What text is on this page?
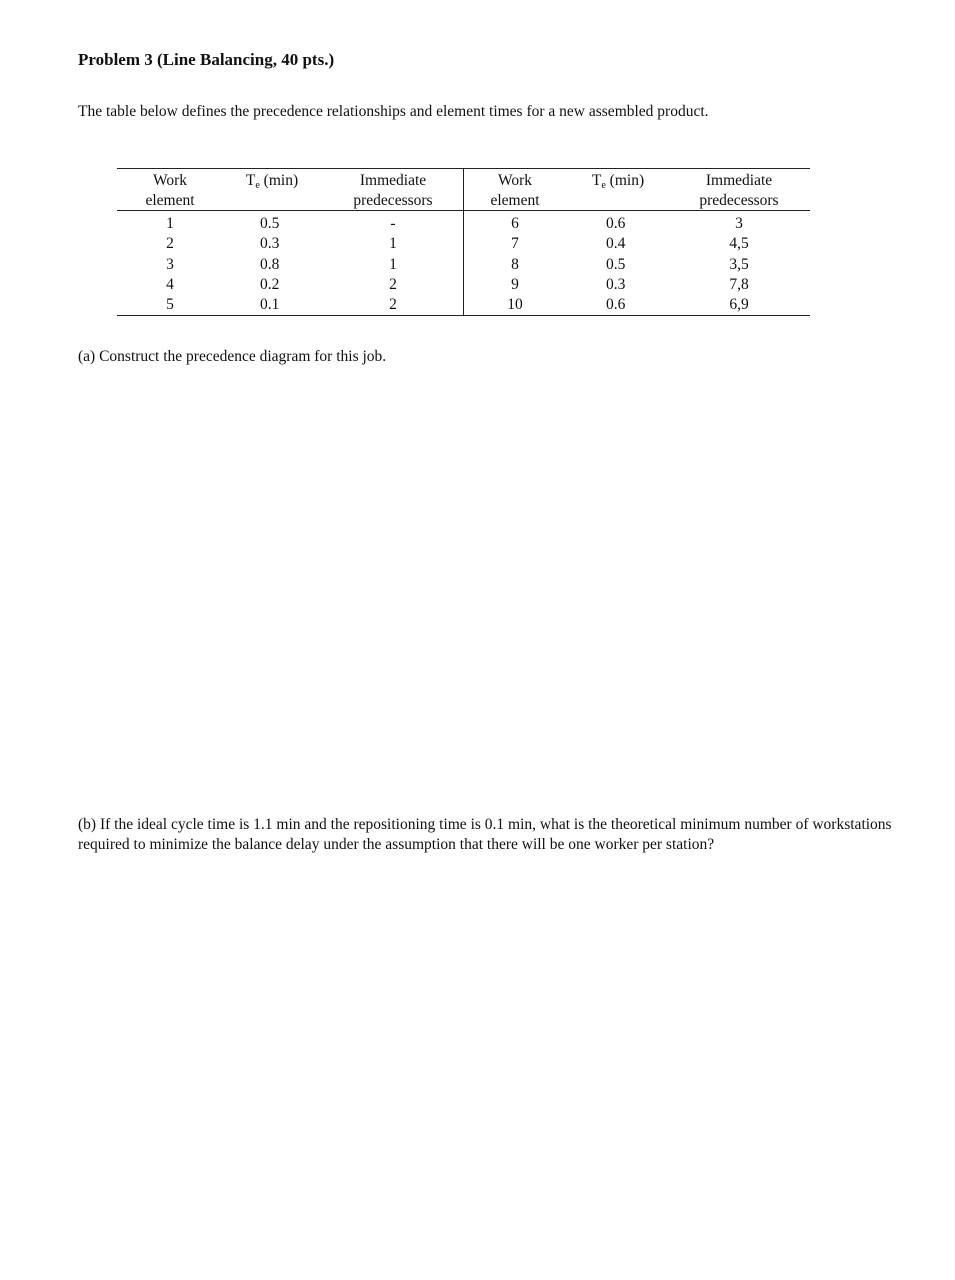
Problem 3 (Line Balancing, 40 pts.)
The table below defines the precedence relationships and element times for a new assembled product.
Work
element
$T_e$ (min)	Immediate
predecessors
Work
element
$T_e$ (min)	Immediate
predecessors
1
2
3
4
5
0.5
0.3
0.8
0.2
0.1
-
1
1
2
2
6
7
8
9
10
0.6
0.4
0.5
0.3
0.6
3
4,5
3,5
7,8
6,9
(a) Construct the precedence diagram for this job.
(b) If the ideal cycle time is 1.1 min and the repositioning time is 0.1 min, what is the theoretical minimum number of workstations required to minimize the balance delay under the assumption that there will be one worker per station?
